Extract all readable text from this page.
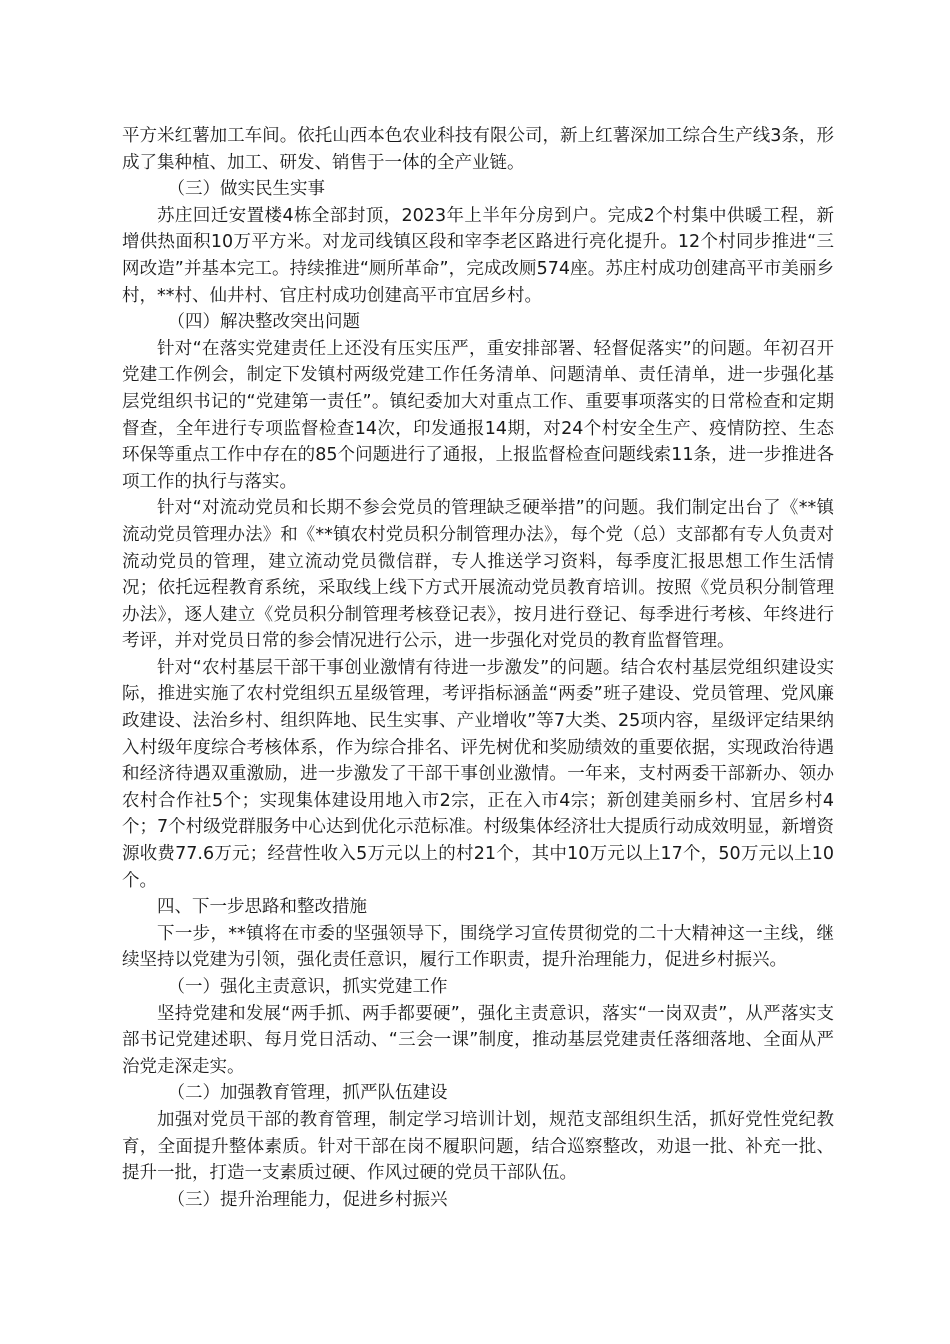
平方米红薯加工车间。依托山西本色农业科技有限公司，新上红薯深加工综合生产线3条，形成了集种植、加工、研发、销售于一体的全产业链。

（三）做实民生实事

苏庄回迁安置楼4栋全部封顶，2023年上半年分房到户。完成2个村集中供暖工程，新增供热面积10万平方米。对龙司线镇区段和宰李老区路进行亮化提升。12个村同步推进“三网改造”并基本完工。持续推进“厕所革命”，完成改厕574座。苏庄村成功创建高平市美丽乡村，**村、仙井村、官庄村成功创建高平市宜居乡村。

（四）解决整改突出问题

针对“在落实党建责任上还没有压实压严，重安排部署、轻督促落实”的问题。年初召开党建工作例会，制定下发镇村两级党建工作任务清单、问题清单、责任清单，进一步强化基层党组织书记的“党建第一责任”。镇纪委加大对重点工作、重要事项落实的日常检查和定期督查，全年进行专项监督检查14次，印发通报14期，对24个村安全生产、疫情防控、生态环保等重点工作中存在的85个问题进行了通报，上报监督检查问题线索11条，进一步推进各项工作的执行与落实。

针对“对流动党员和长期不参会党员的管理缺乏硬举措”的问题。我们制定出台了《**镇流动党员管理办法》和《**镇农村党员积分制管理办法》，每个党（总）支部都有专人负责对流动党员的管理，建立流动党员微信群，专人推送学习资料，每季度汇报思想工作生活情况；依托远程教育系统，采取线上线下方式开展流动党员教育培训。按照《党员积分制管理办法》，逐人建立《党员积分制管理考核登记表》，按月进行登记、每季进行考核、年终进行考评，并对党员日常的参会情况进行公示，进一步强化对党员的教育监督管理。

针对“农村基层干部干事创业激情有待进一步激发”的问题。结合农村基层党组织建设实际，推进实施了农村党组织五星级管理，考评指标涵盖“两委”班子建设、党员管理、党风廉政建设、法治乡村、组织阵地、民生实事、产业增收”等7大类、25项内容，星级评定结果纳入村级年度综合考核体系，作为综合排名、评先树优和奖励绩效的重要依据，实现政治待遇和经济待遇双重激励，进一步激发了干部干事创业激情。一年来，支村两委干部新办、领办农村合作社5个；实现集体建设用地入市2宗，正在入市4宗；新创建美丽乡村、宜居乡村4个；7个村级党群服务中心达到优化示范标准。村级集体经济壮大提质行动成效明显，新增资源收费77.6万元；经营性收入5万元以上的村21个，其中10万元以上17个，50万元以上10个。

四、下一步思路和整改措施

下一步，**镇将在市委的坚强领导下，围绕学习宣传贯彻党的二十大精神这一主线，继续坚持以党建为引领，强化责任意识，履行工作职责，提升治理能力，促进乡村振兴。

（一）强化主责意识，抓实党建工作

坚持党建和发展“两手抓、两手都要硬”，强化主责意识，落实“一岗双责”，从严落实支部书记党建述职、每月党日活动、“三会一课”制度，推动基层党建责任落细落地、全面从严治党走深走实。

（二）加强教育管理，抓严队伍建设

加强对党员干部的教育管理，制定学习培训计划，规范支部组织生活，抓好党性党纪教育，全面提升整体素质。针对干部在岗不履职问题，结合巡察整改，劝退一批、补充一批、提升一批，打造一支素质过硬、作风过硬的党员干部队伍。

（三）提升治理能力，促进乡村振兴
